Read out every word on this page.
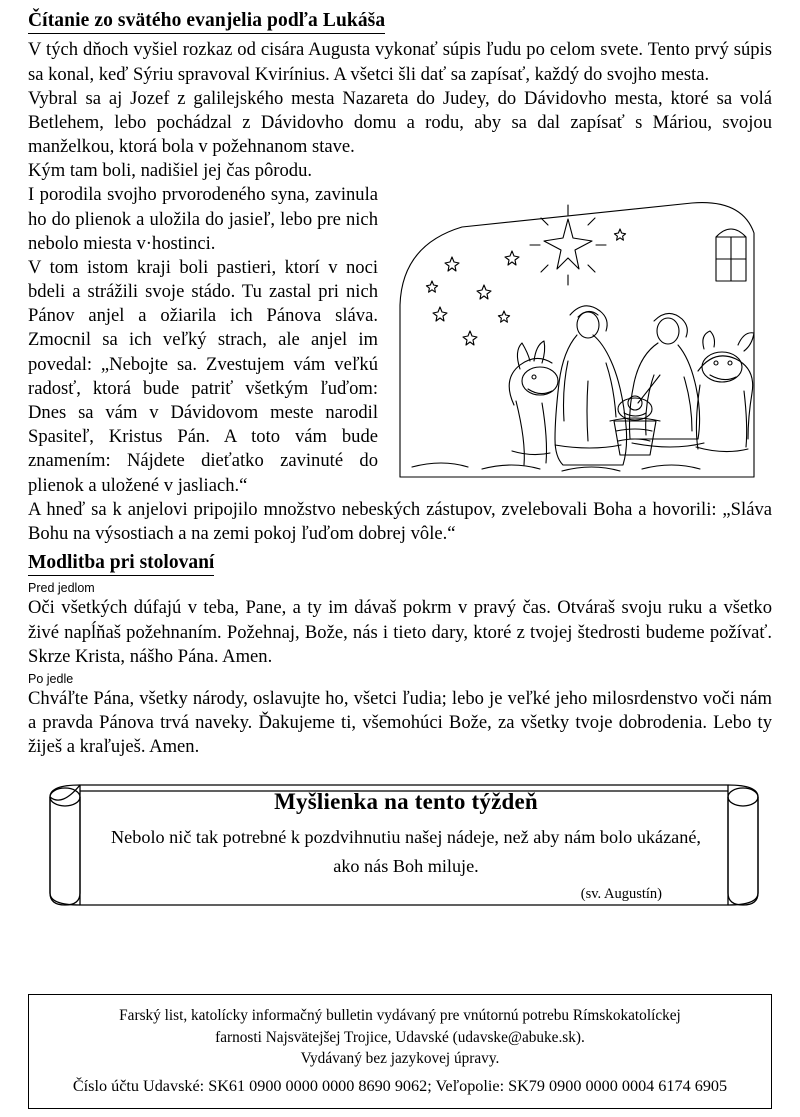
Čítanie zo svätého evanjelia podľa Lukáša

V tých dňoch vyšiel rozkaz od cisára Augusta vykonať súpis ľudu po celom svete. Tento prvý súpis sa konal, keď Sýriu spravoval Kvirínius. A všetci šli dať sa zapísať, každý do svojho mesta.

Vybral sa aj Jozef z galilejského mesta Nazareta do Judey, do Dávidovho mesta, ktoré sa volá Betlehem, lebo pochádzal z Dávidovho domu a rodu, aby sa dal zapísať s Máriou, svojou manželkou, ktorá bola v požehnanom stave.

Kým tam boli, nadišiel jej čas pôrodu.

I porodila svojho prvorodeného syna, zavinula ho do plienok a uložila do jasieľ, lebo pre nich nebolo miesta v·hostinci.

V tom istom kraji boli pastieri, ktorí v noci bdeli a strážili svoje stádo. Tu zastal pri nich Pánov anjel a ožiarila ich Pánova sláva. Zmocnil sa ich veľký strach, ale anjel im povedal: „Nebojte sa. Zvestujem vám veľkú radosť, ktorá bude patriť všetkým ľuďom: Dnes sa vám v Dávidovom meste narodil Spasiteľ, Kristus Pán. A toto vám bude znamením: Nájdete dieťatko zavinuté do plienok a uložené v jasliach.“

A hneď sa k anjelovi pripojilo množstvo nebeských zástupov, zvelebovali Boha a hovorili: „Sláva Bohu na výsostiach a na zemi pokoj ľuďom dobrej vôle.“

Modlitba pri stolovaní
Pred jedlom
Oči všetkých dúfajú v teba, Pane, a ty im dávaš pokrm v pravý čas. Otváraš svoju ruku a všetko živé napĺňaš požehnaním. Požehnaj, Bože, nás i tieto dary, ktoré z tvojej štedrosti budeme požívať. Skrze Krista, nášho Pána. Amen.
Po jedle
Chváľte Pána, všetky národy, oslavujte ho, všetci ľudia; lebo je veľké jeho milosrdenstvo voči nám a pravda Pánova trvá naveky. Ďakujeme ti, všemohúci Bože, za všetky tvoje dobrodenia. Lebo ty žiješ a kraľuješ. Amen.
Myšlienka na tento týždeň
Nebolo nič tak potrebné k pozdvihnutiu našej nádeje, než aby nám bolo ukázané, ako nás Boh miluje.
(sv. Augustín)
Farský list, katolícky informačný bulletin vydávaný pre vnútornú potrebu Rímskokatolíckej
farnosti Najsvätejšej Trojice, Udavské (udavske@abuke.sk).
Vydávaný bez jazykovej úpravy.
Číslo účtu Udavské: SK61 0900 0000 0000 8690 9062; Veľopolie: SK79 0900 0000 0004 6174 6905
